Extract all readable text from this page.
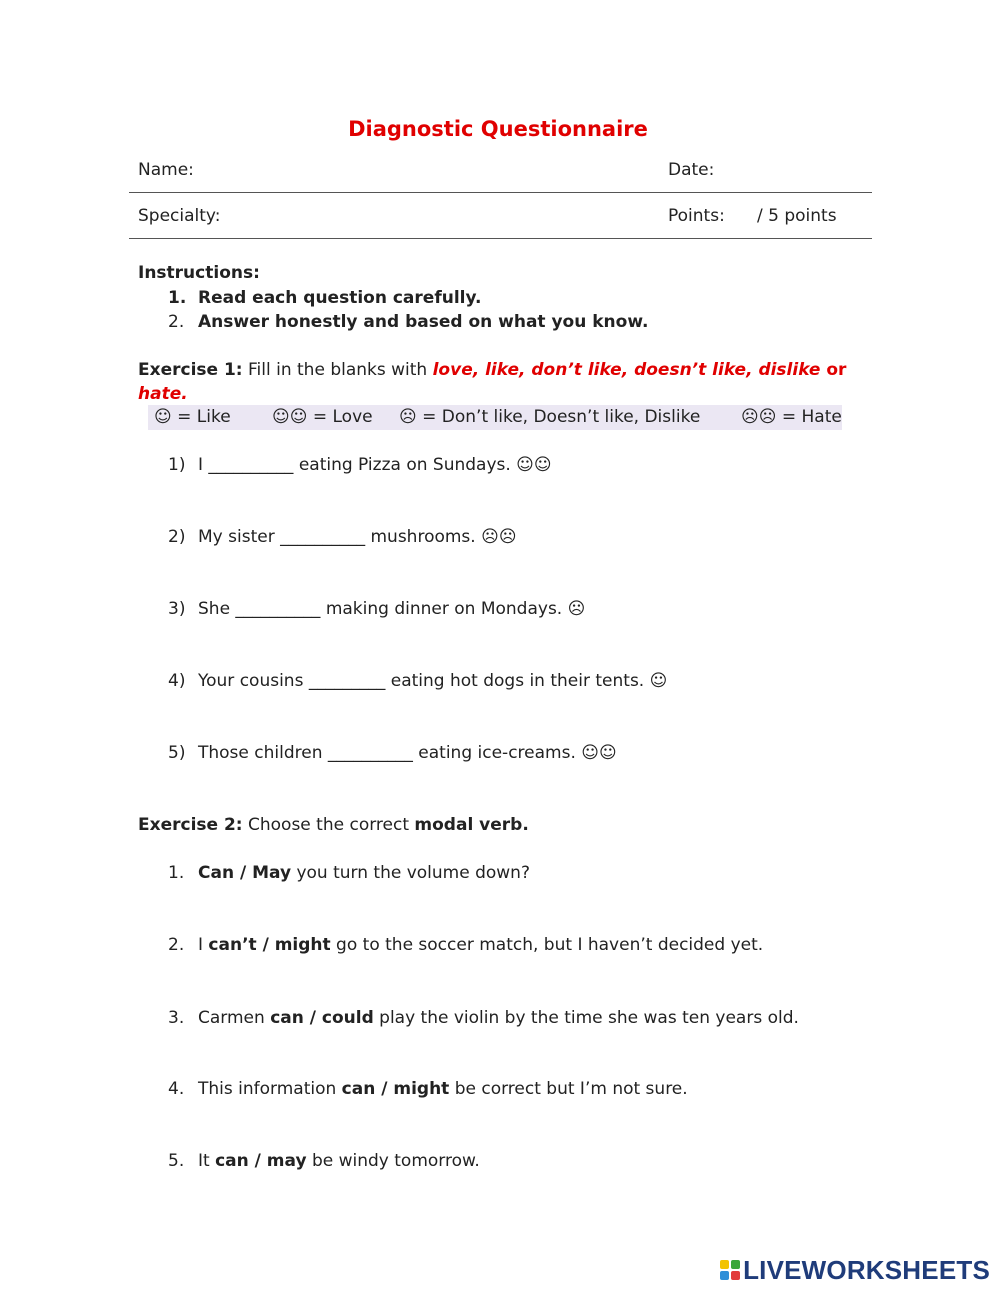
Diagnostic Questionnaire
Name:	Date:
Specialty:	Points: / 5 points
Instructions:
1. Read each question carefully.
2. Answer honestly and based on what you know.
Exercise 1: Fill in the blanks with love, like, don’t like, doesn’t like, dislike or hate.
☺ = Like ☺☺ = Love ☹ = Don’t like, Doesn’t like, Dislike ☹☹ = Hate
1) I __________ eating Pizza on Sundays. ☺☺
2) My sister __________ mushrooms. ☹☹
3) She __________ making dinner on Mondays. ☹
4) Your cousins _________ eating hot dogs in their tents. ☺
5) Those children __________ eating ice-creams. ☺☺
Exercise 2: Choose the correct modal verb.
1. Can / May you turn the volume down?
2. I can’t / might go to the soccer match, but I haven’t decided yet.
3. Carmen can / could play the violin by the time she was ten years old.
4. This information can / might be correct but I’m not sure.
5. It can / may be windy tomorrow.
LIVEWORKSHEETS
